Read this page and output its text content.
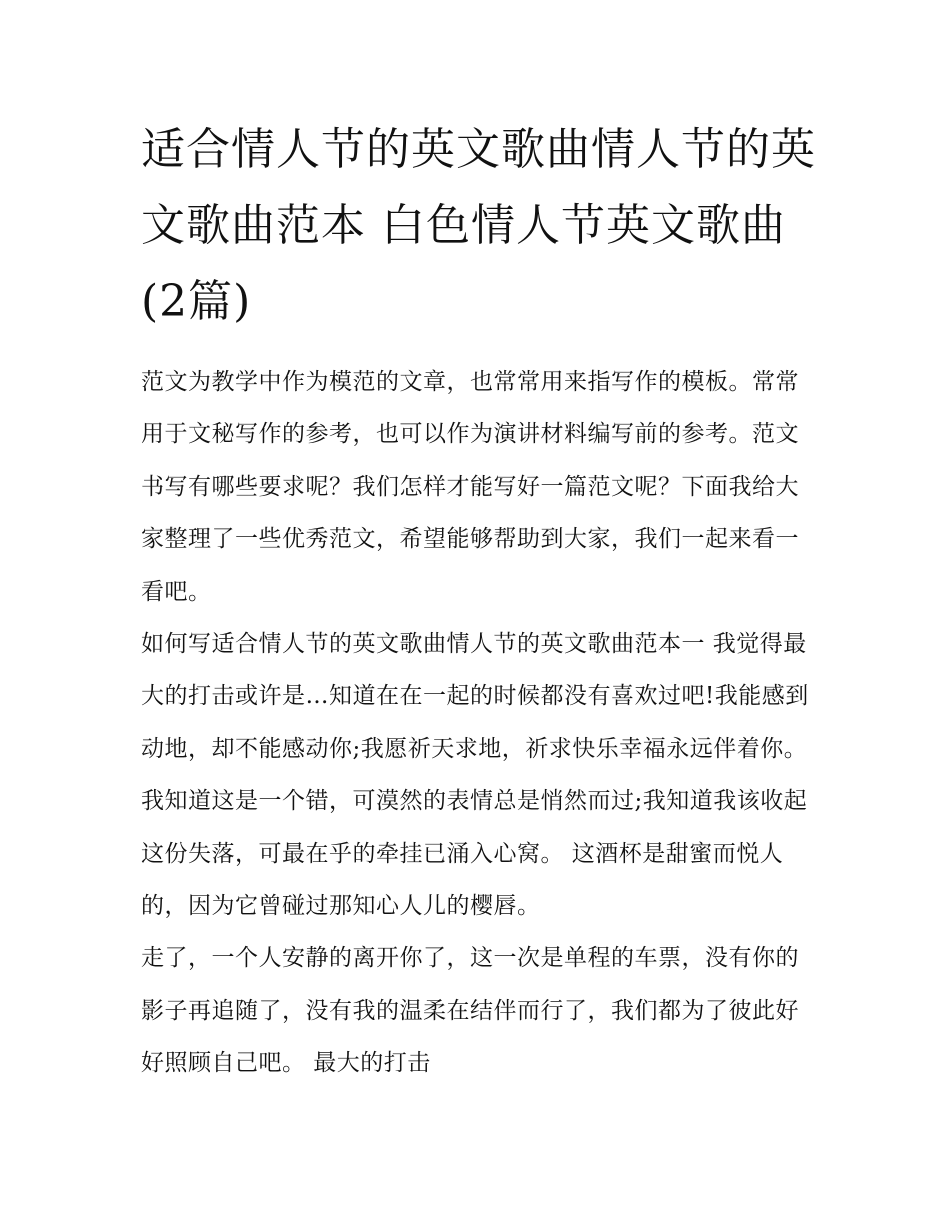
适合情人节的英文歌曲情人节的英文歌曲范本 白色情人节英文歌曲(2篇)

范文为教学中作为模范的文章，也常常用来指写作的模板。常常用于文秘写作的参考，也可以作为演讲材料编写前的参考。范文书写有哪些要求呢？我们怎样才能写好一篇范文呢？下面我给大家整理了一些优秀范文，希望能够帮助到大家，我们一起来看一看吧。

如何写适合情人节的英文歌曲情人节的英文歌曲范本一 我觉得最大的打击或许是…知道在在一起的时候都没有喜欢过吧!我能感到动地，却不能感动你;我愿祈天求地，祈求快乐幸福永远伴着你。

我知道这是一个错，可漠然的表情总是悄然而过;我知道我该收起这份失落，可最在乎的牵挂已涌入心窝。 这酒杯是甜蜜而悦人的，因为它曾碰过那知心人儿的樱唇。

走了，一个人安静的离开你了，这一次是单程的车票，没有你的影子再追随了，没有我的温柔在结伴而行了，我们都为了彼此好好照顾自己吧。 最大的打击
